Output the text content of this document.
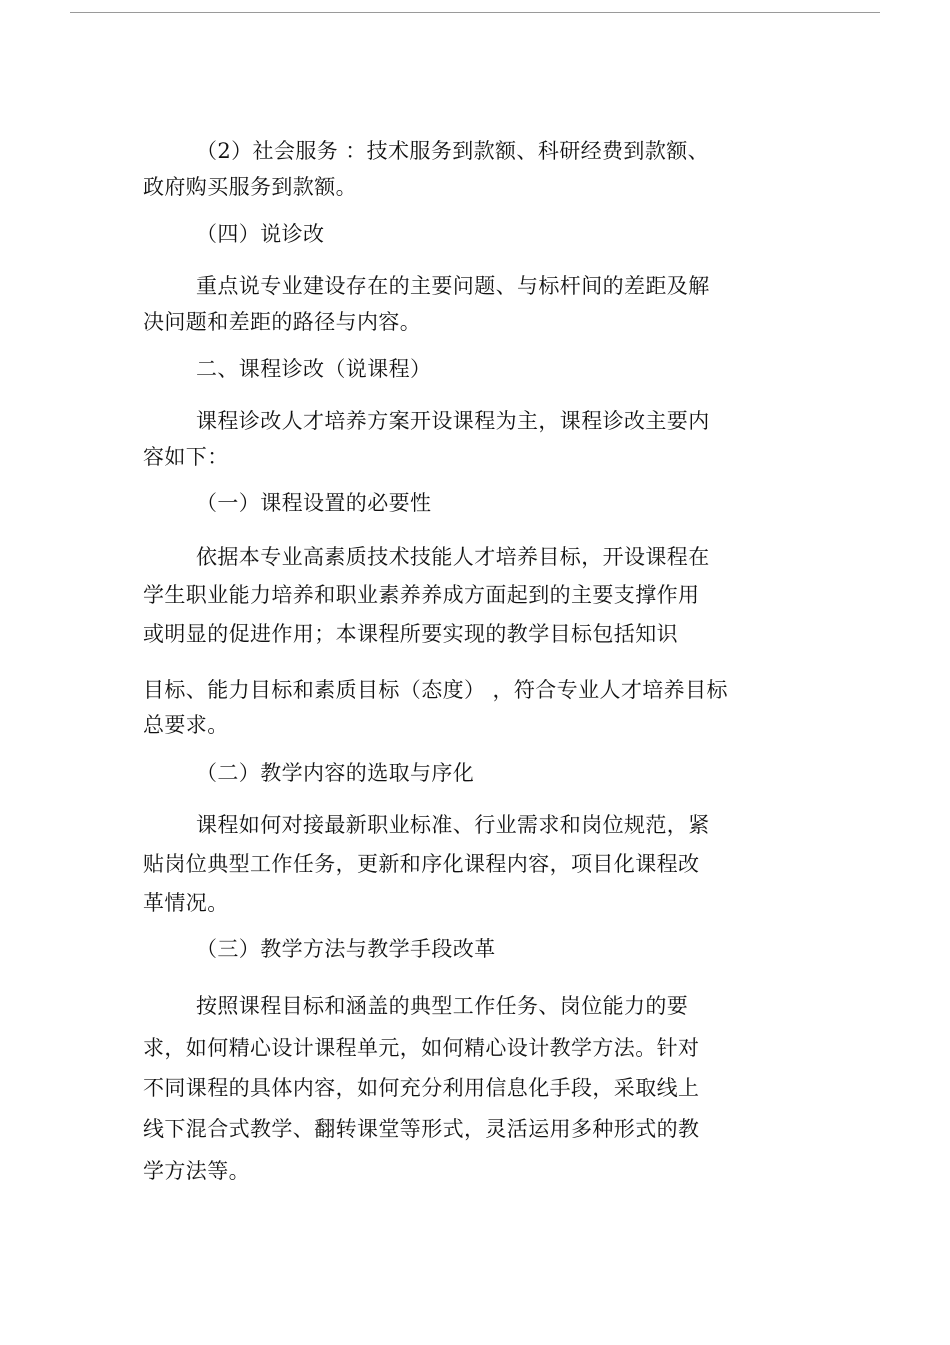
（2）社会服务 ：技术服务到款额、科研经费到款额、
政府购买服务到款额。
（四）说诊改
重点说专业建设存在的主要问题、与标杆间的差距及解
决问题和差距的路径与内容。
二、课程诊改（说课程）
课程诊改人才培养方案开设课程为主，课程诊改主要内
容如下：
（一）课程设置的必要性
依据本专业高素质技术技能人才培养目标，开设课程在
学生职业能力培养和职业素养养成方面起到的主要支撑作用
或明显的促进作用；本课程所要实现的教学目标包括知识
目标、能力目标和素质目标（态度） ，符合专业人才培养目标
总要求。
（二）教学内容的选取与序化
课程如何对接最新职业标准、行业需求和岗位规范，紧
贴岗位典型工作任务，更新和序化课程内容，项目化课程改
革情况。
（三）教学方法与教学手段改革
按照课程目标和涵盖的典型工作任务、岗位能力的要
求，如何精心设计课程单元，如何精心设计教学方法。针对
不同课程的具体内容，如何充分利用信息化手段，采取线上
线下混合式教学、翻转课堂等形式，灵活运用多种形式的教
学方法等。
